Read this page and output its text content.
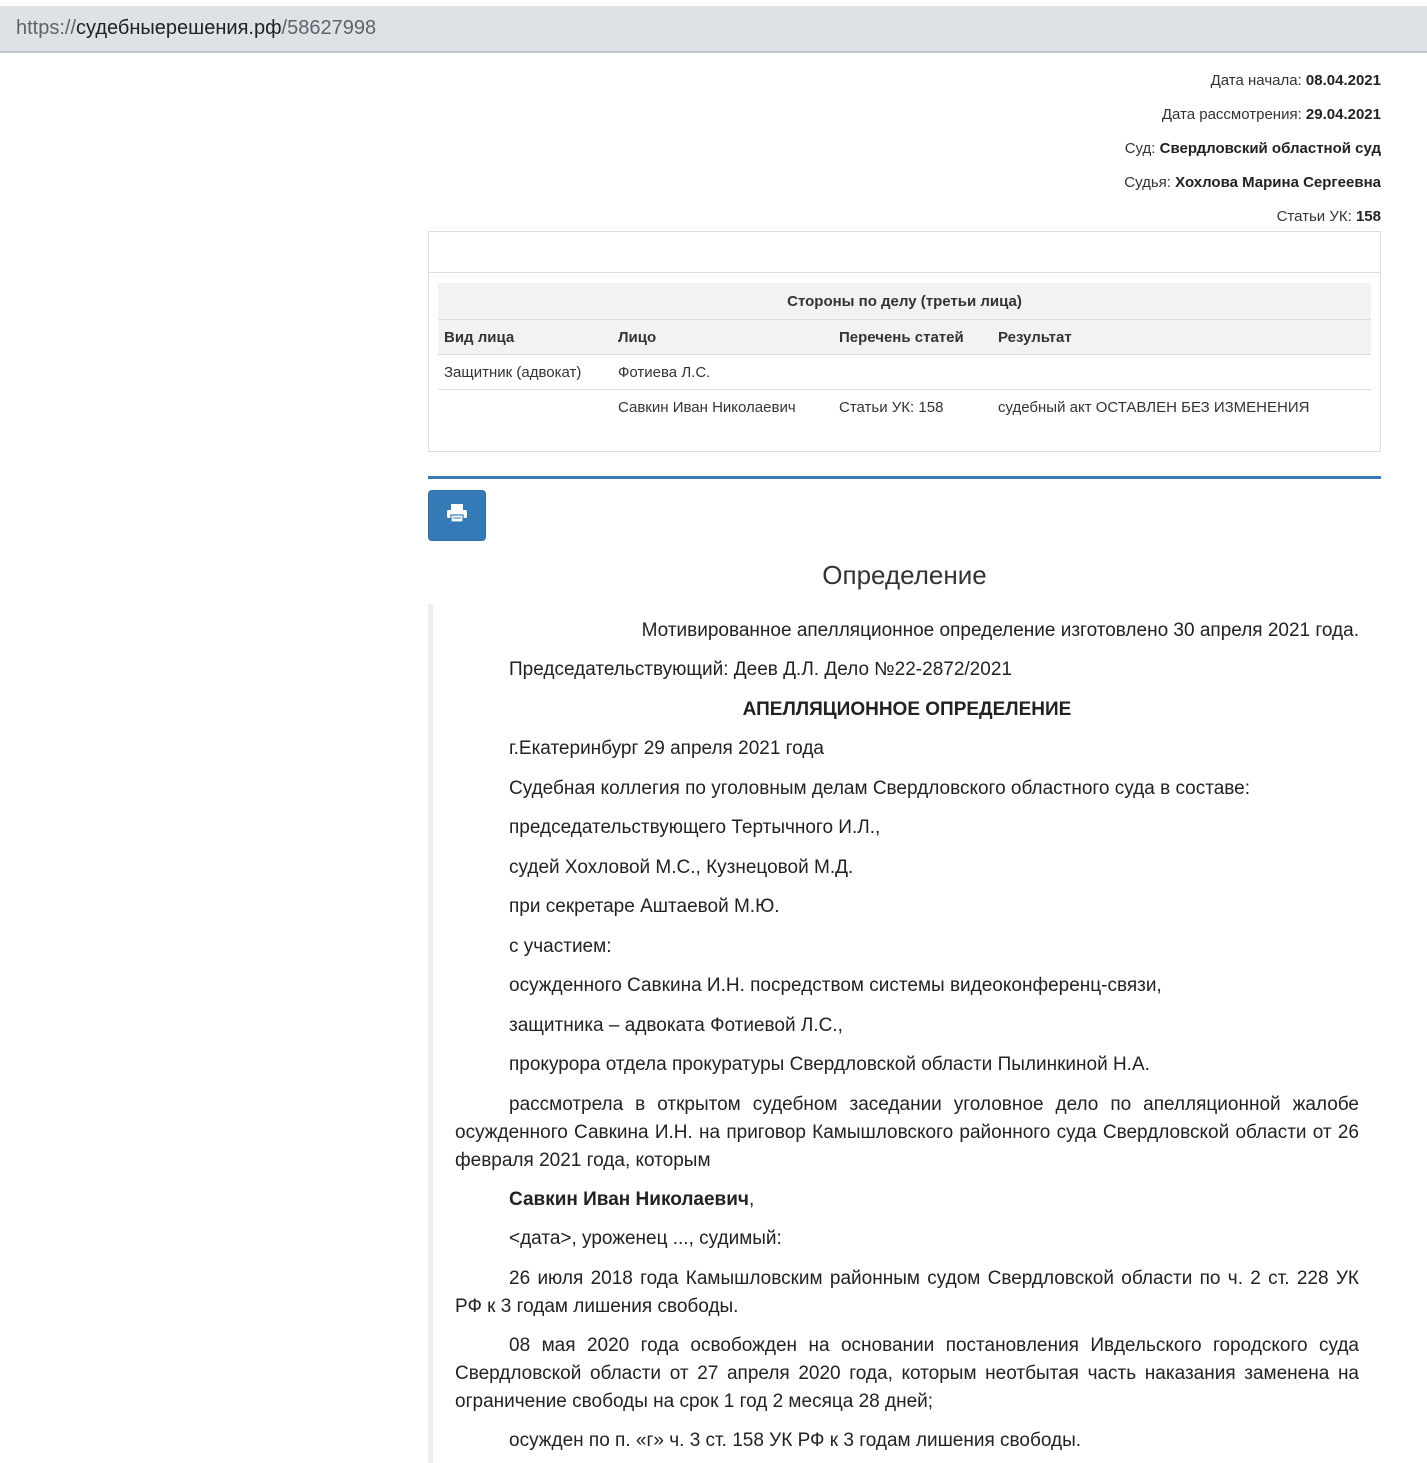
https:// судебныерешения.рф /58627998
Дата начала: 08.04.2021
Дата рассмотрения: 29.04.2021
Суд: Свердловский областной суд
Судья: Хохлова Марина Сергеевна
Статьи УК: 158
Стороны по делу (третьи лица)			
Вид лица	Лицо	Перечень статей	Результат
Защитник (адвокат)	Фотиева Л.С.		
	Савкин Иван Николаевич	Статьи УК: 158	судебный акт ОСТАВЛЕН БЕЗ ИЗМЕНЕНИЯ
Определение

Мотивированное апелляционное определение изготовлено 30 апреля 2021 года.

Председательствующий: Деев Д.Л. Дело №22-2872/2021

АПЕЛЛЯЦИОННОЕ ОПРЕДЕЛЕНИЕ

г.Екатеринбург 29 апреля 2021 года

Судебная коллегия по уголовным делам Свердловского областного суда в составе:

председательствующего Тертычного И.Л.,

судей Хохловой М.С., Кузнецовой М.Д.

при секретаре Аштаевой М.Ю.

с участием:

осужденного Савкина И.Н. посредством системы видеоконференц-связи,

защитника – адвоката Фотиевой Л.С.,

прокурора отдела прокуратуры Свердловской области Пылинкиной Н.А.

рассмотрела в открытом судебном заседании уголовное дело по апелляционной жалобе осужденного Савкина И.Н. на приговор Камышловского районного суда Свердловской области от 26 февраля 2021 года, которым

Савкин Иван Николаевич,

<дата>, уроженец ..., судимый:

26 июля 2018 года Камышловским районным судом Свердловской области по ч. 2 ст. 228 УК РФ к 3 годам лишения свободы.

08 мая 2020 года освобожден на основании постановления Ивдельского городского суда Свердловской области от 27 апреля 2020 года, которым неотбытая часть наказания заменена на ограничение свободы на срок 1 год 2 месяца 28 дней;

осужден по п. «г» ч. 3 ст. 158 УК РФ к 3 годам лишения свободы.
